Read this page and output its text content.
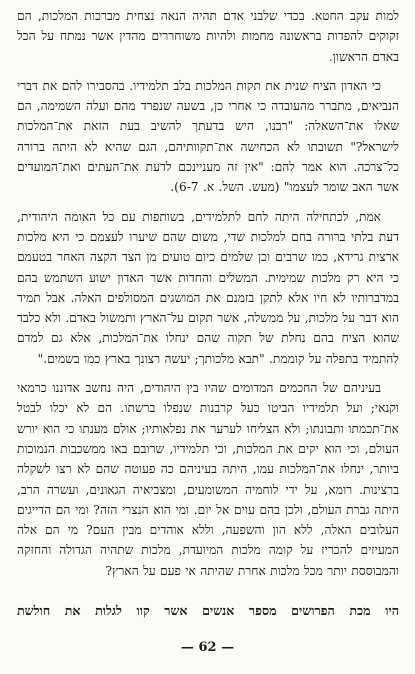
למות עקב החטא. בכדי שלבני אדם תהיה הנאה נצחית מברכות המלכות, הם זקוקים להפדות בראשונה מחמות ולהיות משוחררים מהדין אשר נמתח על הכל באדם הראשון.

כי האדון הציח שנית את תקות המלכות בלב תלמידיו. בהסבירו להם את דברי הנביאים, מתברר מהעובדה כי אחרי כן, בשעה שנפרד מהם ועלה השמימה, הם שאלו את־השאלה: "רבנו, היש בדעתך להשיב בעת הזאת את־המלכות לישראל?" תשובתו לא הכחישה את־תקוותיהם, הגם שהיא לא היתה ברורה כל־צרכה. הוא אמר להם: "אין זה מעניינכם לדעת את־העתים ואת־המועדים אשר האב שומר לעצמו" (מעש. השל. א. 6-7).

אמת, לכתחילה היתה לחם לתלמידים, בשותפות עם כל האומה היהודית, דעת בלתי ברורה בחם למלכות שדי, משום שהם שיערו לעצמם כי היא מלכות ארצית גרידא, כמו שרבים וכן שלמים כיום טועים מן הצד הקצה האחר בטעמם כי היא רק מלכות שמימית. המשלים והחדות אשר האדון ישוע השתמש בהם במדברותיו לא חיו אלא לתקן בזמנם את המושגים המסולפים האלה. אבל תמיד הוא דבר על מלכות, על ממשלה, אשר תקום על־הארץ ותמשול באדם. ולא כלבד שהוא הציח בהם נחלת של תקוה שהם ינחלו את־המלכות, אלא גם למדם להתמיד בתפלה על קוממת. "תבא מלכותך; יעשה רצונך בארץ כמו בשמים."

בעיניהם של החכמים המדומים שהיו בין היהודים, היה נחשב אדוננו כרמאי וקנאי; ועל תלמידיו הביטו כעל קרבנות שנפלו ברשתו. הם לא יכלו לבטל את־תכמתו ותבונתו; ולא הצליחו לערער את נפלאותיו; אולם מענתו כי הוא יורש העולם, וכי הוא יקים את המלכות, וכי תלמידיו, שרובם באו ממשכבות הנמוכות ביותר, ינחלו את־המלכות עמו, היתה בעיניהם כה פעוטה שהם לא רצו לשקלה ברצינות. רומא, על ידי לוחמיה המשומעים, ומצביאיה הגאונים, ועשרה הרב, היתה גברת העולם, ולכן בהם עוים אל יום. ומי הוא הנצרי הזה? ומי הם הדייגים העלובים האלה, ללא הון והשפעה, וללא אוהדים מבין העם? מי הם אלה המעיזים להכריז על קומה מלכות המיועדת, מלכות שתהיה הגדולה והחזקה והמבוססת יותר מכל מלכות אחרת שהיתה אי פעם על הארץ?

היו מכת הפרושים מספר אנשים אשר קוו לגלות את חולשת
— 62 —
